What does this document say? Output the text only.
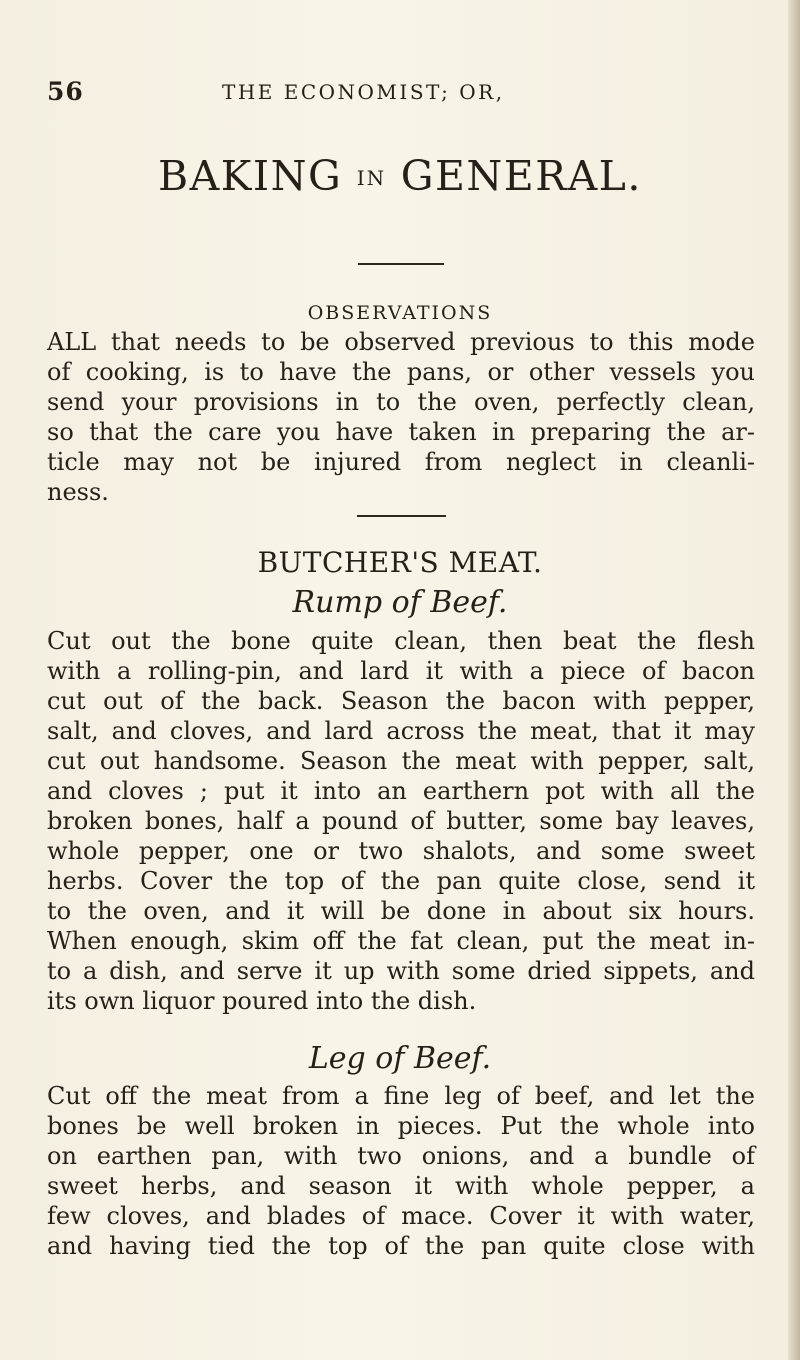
56	THE ECONOMIST; OR,
BAKING IN GENERAL.
OBSERVATIONS
ALL that needs to be observed previous to this mode
of cooking, is to have the pans, or other vessels you
send your provisions in to the oven, perfectly clean,
so that the care you have taken in preparing the ar-
ticle may not be injured from neglect in cleanli-
ness.
BUTCHER'S MEAT.
Rump of Beef.
Cut out the bone quite clean, then beat the flesh
with a rolling-pin, and lard it with a piece of bacon
cut out of the back. Season the bacon with pepper,
salt, and cloves, and lard across the meat, that it may
cut out handsome. Season the meat with pepper, salt,
and cloves ; put it into an earthern pot with all the
broken bones, half a pound of butter, some bay leaves,
whole pepper, one or two shalots, and some sweet
herbs. Cover the top of the pan quite close, send it
to the oven, and it will be done in about six hours.
When enough, skim off the fat clean, put the meat in-
to a dish, and serve it up with some dried sippets, and
its own liquor poured into the dish.
Leg of Beef.
Cut off the meat from a fine leg of beef, and let the
bones be well broken in pieces. Put the whole into
on earthen pan, with two onions, and a bundle of
sweet herbs, and season it with whole pepper, a
few cloves, and blades of mace. Cover it with water,
and having tied the top of the pan quite close with
